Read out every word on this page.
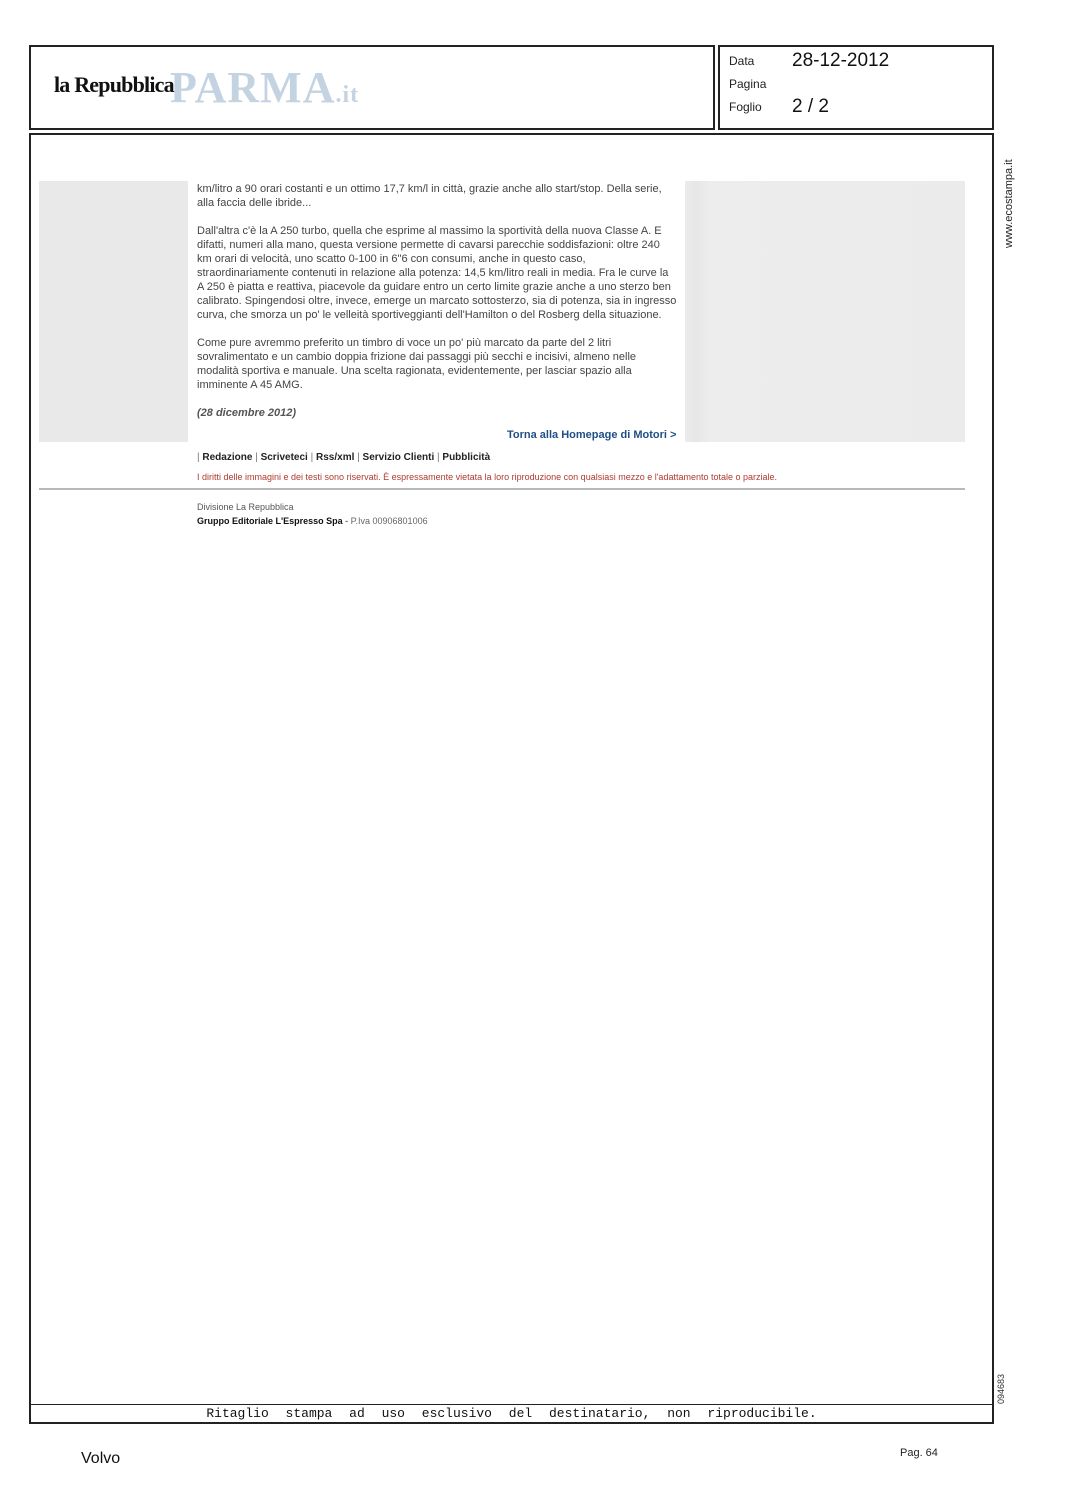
la Repubblica
PARMA.it
Data 28-12-2012
Pagina
Foglio 2 / 2
www.ecostampa.it
094683
Ritaglio stampa ad uso esclusivo del destinatario, non riproducibile.

km/litro a 90 orari costanti e un ottimo 17,7 km/l in città, grazie anche allo start/stop. Della serie, alla faccia delle ibride...

Dall'altra c'è la A 250 turbo, quella che esprime al massimo la sportività della nuova Classe A. E difatti, numeri alla mano, questa versione permette di cavarsi parecchie soddisfazioni: oltre 240 km orari di velocità, uno scatto 0-100 in 6"6 con consumi, anche in questo caso, straordinariamente contenuti in relazione alla potenza: 14,5 km/litro reali in media. Fra le curve la A 250 è piatta e reattiva, piacevole da guidare entro un certo limite grazie anche a uno sterzo ben calibrato. Spingendosi oltre, invece, emerge un marcato sottosterzo, sia di potenza, sia in ingresso curva, che smorza un po' le velleità sportiveggianti dell'Hamilton o del Rosberg della situazione.

Come pure avremmo preferito un timbro di voce un po' più marcato da parte del 2 litri sovralimentato e un cambio doppia frizione dai passaggi più secchi e incisivi, almeno nelle modalità sportiva e manuale. Una scelta ragionata, evidentemente, per lasciar spazio alla imminente A 45 AMG.

(28 dicembre 2012)

Torna alla Homepage di Motori >
| Redazione | Scriveteci | Rss/xml | Servizio Clienti | Pubblicità
I diritti delle immagini e dei testi sono riservati. È espressamente vietata la loro riproduzione con qualsiasi mezzo e l'adattamento totale o parziale.
Divisione La Repubblica
Gruppo Editoriale L'Espresso Spa - P.Iva 00906801006
Volvo	Pag. 64
